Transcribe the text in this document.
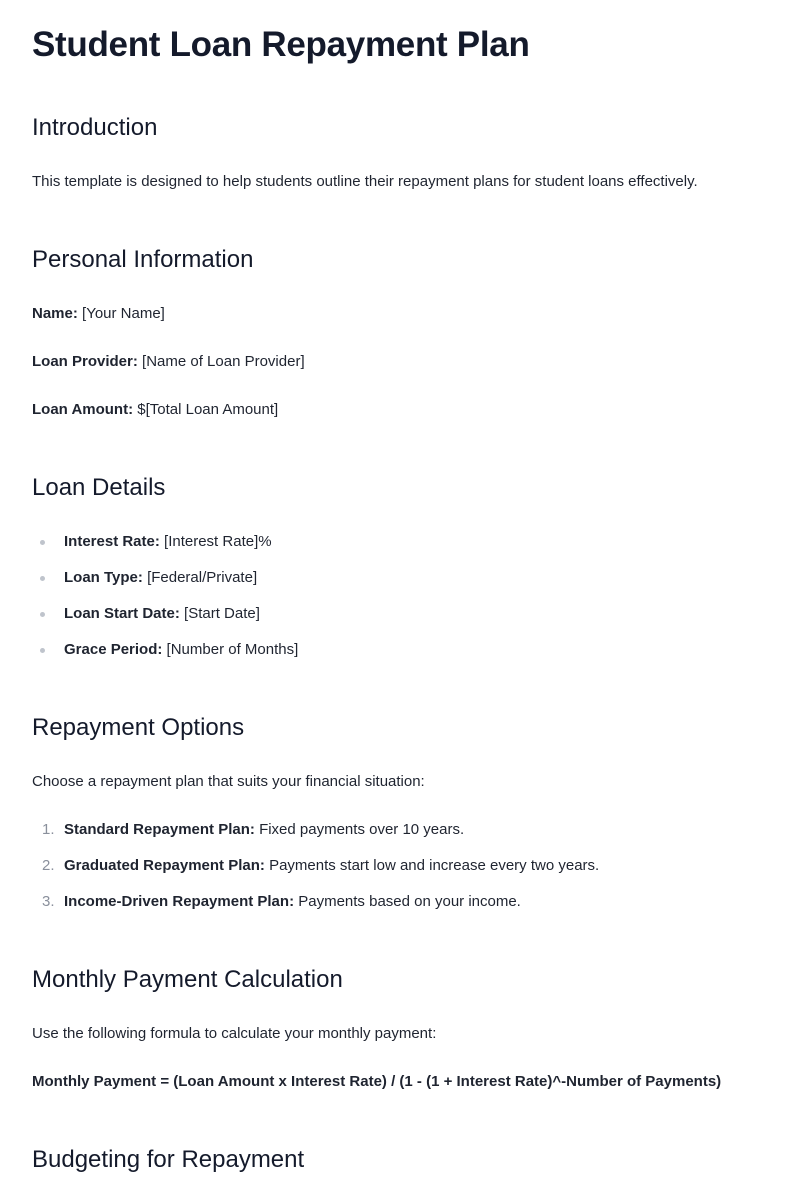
Student Loan Repayment Plan
Introduction

This template is designed to help students outline their repayment plans for student loans effectively.

Personal Information
Name: [Your Name]
Loan Provider: [Name of Loan Provider]
Loan Amount: $[Total Loan Amount]
Loan Details
Interest Rate: [Interest Rate]%
Loan Type: [Federal/Private]
Loan Start Date: [Start Date]
Grace Period: [Number of Months]
Repayment Options

Choose a repayment plan that suits your financial situation:

1. Standard Repayment Plan: Fixed payments over 10 years.
2. Graduated Repayment Plan: Payments start low and increase every two years.
3. Income-Driven Repayment Plan: Payments based on your income.
Monthly Payment Calculation

Use the following formula to calculate your monthly payment:

Monthly Payment = (Loan Amount x Interest Rate) / (1 - (1 + Interest Rate)^-Number of Payments)

Budgeting for Repayment
